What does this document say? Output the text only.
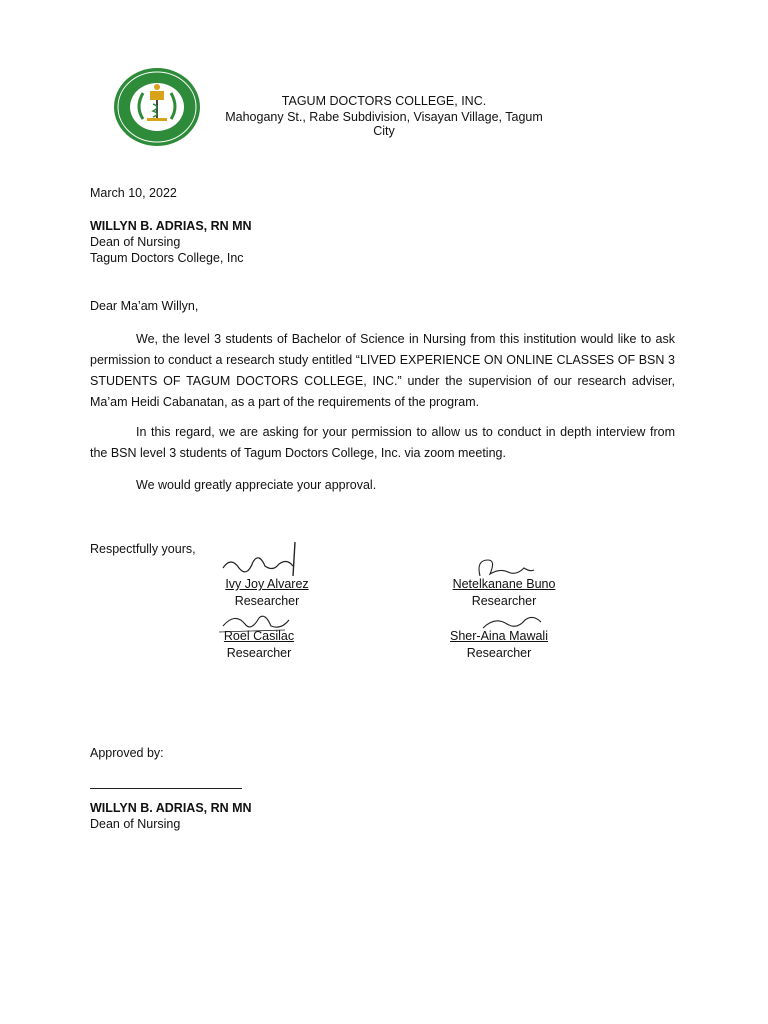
TAGUM DOCTORS COLLEGE, INC.
Mahogany St., Rabe Subdivision, Visayan Village, Tagum City
March 10, 2022
WILLYN B. ADRIAS, RN MN
Dean of Nursing
Tagum Doctors College, Inc
Dear Ma’am Willyn,
We, the level 3 students of Bachelor of Science in Nursing from this institution would like to ask permission to conduct a research study entitled “LIVED EXPERIENCE ON ONLINE CLASSES OF BSN 3 STUDENTS OF TAGUM DOCTORS COLLEGE, INC.” under the supervision of our research adviser, Ma’am Heidi Cabanatan, as a part of the requirements of the program.
In this regard, we are asking for your permission to allow us to conduct in depth interview from the BSN level 3 students of Tagum Doctors College, Inc. via zoom meeting.
We would greatly appreciate your approval.
Respectfully yours,
Ivy Joy Alvarez
Researcher
Netelkanane Buno
Researcher
Roel Casilac
Researcher
Sher-Aina Mawali
Researcher
Approved by:
WILLYN B. ADRIAS, RN MN
Dean of Nursing
